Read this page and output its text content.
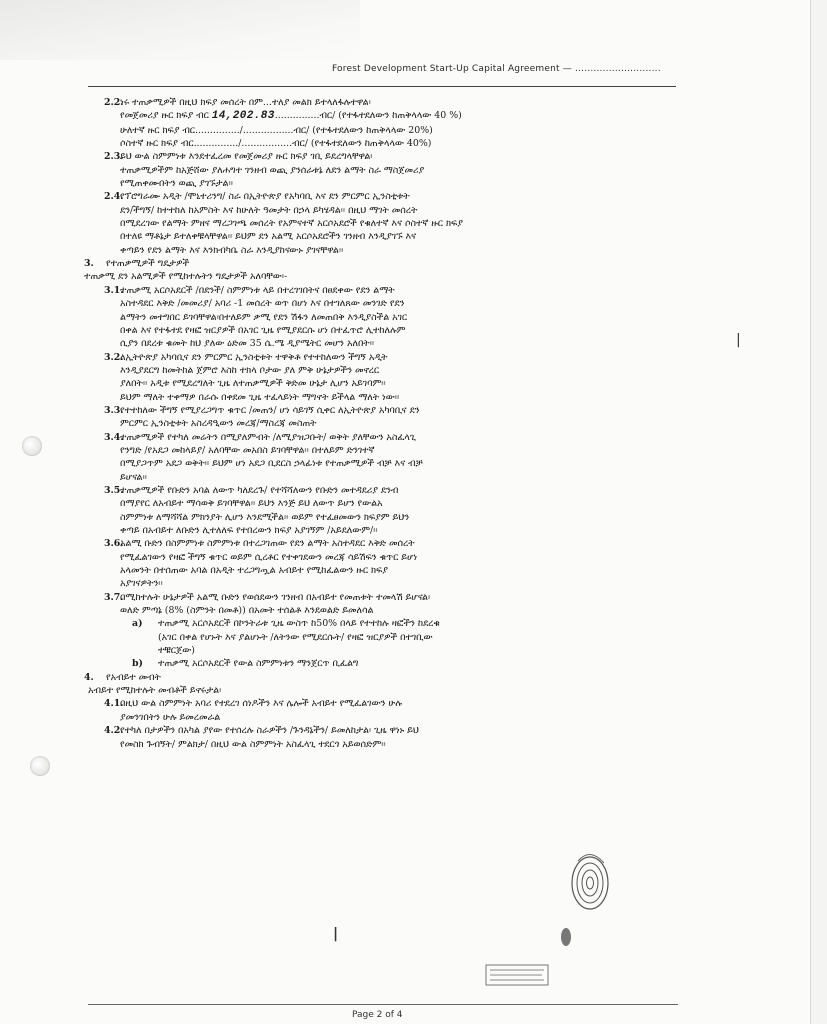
Forest Development Start-Up Capital Agreement — ............................
2.2.
ነሩ ተጠቃሚዎች በዚህ ክፍያ መሰረት በም...ተለያ መልክ ይተላለፋሉተዋል፡
የመጀመሪያ ዙር ክፍያ ብር 14,202.83...............ብር/ (የተፋተደለውን ከጠቅላላው 40 %)
ሁለተኛ ዙር ክፍያ ብር.............../.................ብር/ (የተፋተደለውን ከጠቅላላው 20%)
ሶስተኛ ዙር ክፍያ ብር.............../.................ብር/ (የተፋተደለውን ከጠቅላላው 40%)
2.3.
ይህ ውል ስምምነቱ እንደተፈረመ የመጀመሪያ ዙር ክፍያ ገቢ ይደረግላቸዋል፡
ተጠቃሚዎችም ከአጅሸው ያለሐግተ ገንዘብ ወጪ ያንሰራቱኔ ለደን ልማት ስራ ማስጀመሪያ
የሚጠቀሙበትን ወጪ ያገኙታል፡፡
2.4.
የፕሮግራሙ አዲት /ሞኒተሪንግ/ ስራ በኢትዮጵያ የአካባቢ እና ደን ምርምር ኢንስቲቱት
ደን/ችግኝ/ ከተተከለ ከአምስት እና ከሁለት ዓመታት በኃላ ይካሄዳል፡፡ በዚህ ማገት መሰረት
በሚደረገው የልማት ምዘና ማረጋገጫ መሰረት የአምናተኛ አርሶአደሮች የቁለተኛ እና ሶስተኛ ዙር ክፍያ
በተለዩ ማቶኔታ ይተለቀቹላቸዋል፡፡ ይህም ደን አልሚ አርሶአደሮችን ገንዘብ እንዲያገኙ እና
ቀጣይን የደን ልማት እና እንክብካቤ ስራ እንዲያከናውኑ ያገናቸዋል፡፡
3.	የተጠቃሚዎች ግዴታዎች
ተጠቃሚ ደን አልሚዎች የሚከተሉትን ግዴታዎች አለባቸው፡-
3.1.
ተጠቃሚ አርሶአደርች /በደንች/ ስምምነቱ ላይ በተረገገበትና በፀደቀው የደን ልማት
አስተዳደር እቅድ /መመሪያ/ አባሪ -1 መሰረት ወጥ በሆነ እና በተገለጸው መንገድ የደን
ልማትን መተግበር ይገባቸዋል፡በተለይም ቃሚ የደን ሽፋን ለመጠበቅ እንዲያስችል አገር
በቀል እና የተፋተደ የዛፎ ዝርያዎች በአገር ጊዜ የሚያደርሱ ሆነ በተፈጥሮ ሊተከለሉም
ሲያን በደረቱ ቁመት ከህ ያለው ዕድመ 35 ሴ.ሜ ዲያሜትር መሆን አለበት፡፡
3.2.
ለኢትዮጵያ አካባቢና ደን ምርምር ኢንስቲቱት ተዋቅቶ የተተከለውን ችግኝ አዲት
እንዲያደርግ ከመትከል ጀምሮ እስከ ተክላ ቦታው ያለ ምቅ ሁኔታዎችን መኖረር
ያለበት፡፡ አዲቱ የሚደረግለት ጊዜ ለተጠቃሚዎች ቅድመ ሁኔታ ሊሆን አይገባም፡፡
ይህም ማለት ተቀማዎ በራሱ በቀደመ ጊዜ ተፈላይነት ማግኖት ይችላል ማለት ነው፡፡
3.3.
የተተከለው ችግኝ የሚያረጋግጥ ቁጥር /መጠን/ ሆነ ሳይገኝ ሲቀር ለኢትዮጵያ አካባቢና ደን
ምርምር ኢንስቲቱት አስረዳዒውን መረጃ/ማስረጃ መስጠት
3.4.
ተጠቃሚዎች የተካለ መሬትን በሚያለምብት /ለሚያዝጋቡት/ ወቅት ያለቸውን አስፈላጊ
የንግድ /የአደጋ መከላይያ/ አለባቸው መአበስ ይገባቸዋል፡፡ በተለይም ድንገተኛ
በሚያጋጥም አደጋ ወቅት፡፡ ይህም ሆነ አደጋ ቢደርስ ኃላፊነቱ የተጠቃሚዎች ብቻ እና ብቻ
ይሆናል፡፡
3.5.
ተጠቃሚዎች የቡድን አባል ለውጥ ካለደረጉ/ የተሻሻለውን የቡድን መተዳደሪያ ደንብ
በማያየር ለአብይተ ማሳወቅ ይገባቸዋል፡፡ ይህን እንጅ ይህ ለውጥ ይሆን የውልአ
ስምምነቱ ለማሻሻል ምክንያት ሊሆን እንደሚችል፡፡ ወይም የተፈፀመውን ክፍያም ይህን
ቀጣይ በአብይተ ለቡድን ሊተለለፍ የተበረውን ክፍያ አያገኝም /አይደለውም/፡፡
3.6.
አልሚ ቡድን በስምምነቱ ስምምነቱ በተረጋገጠው የደን ልማት አስተዳደር እቅድ መሰረት
የሚፈልገውን የዛፎ ችግኝ ቁጥር ወይም ሲረቶር የተቀገደውን መረጃ ሳይሽፍን ቁጥር ይሆነ
አላመንት በተሰጠው አባል በአዲት ተረጋግጧል አብይተ የሚከፈልውን ዙር ክፍያ
አያገናዎትን፡፡
3.7.
በሚከተሉት ሁኔታዎች አልሚ ቡድን የወሰደውን ገንዘብ በአብይተ የመጠቱት ተመላሽ ይሆናል፡
ወለድ ምጣኔ (8% (ስምንት በመቶ)) በአመት ተሰልቶ እንደወልድ ይመለሳል
a)	ተጠቃሚ አርሶአደርች በኮንትራቱ ጊዜ ውስጥ ከ50% በላይ የተተከሉ ዛፎችን ከደረቁ
(አገር በቀል የሆኑት እና ያልሆኑት /ለትንው የሚደርሱት/ የዛፎ ዝርያዎች በተገቢው
ተቹርጀው)
b)	ተጠቃሚ አርሶአደርች የውል ስምምነቱን ማንጀርጥ ቢፈልግ
4.	የአብይተ መብት
አብይተ የሚከተሉት መብቶች ይኖሩታል፡
4.1.
በዚህ ውል ስምምነት አባሪ የተደረገ ሰነዶችን እና ሌሎች አብይተ የሚፈልገውን ሁሉ
ያመንገበትን ሁሉ ይመረመራል
4.2.
የተካለ በታዎችን በአካል ያየው የተሰረሉ ስራዎችን /ጉንዳኔችን/ ይመለከታል፡ ጊዜ ዋነኑ ይህ
የመስክ ጉብኝት/ ምልክታ/ በዚህ ውል ስምምነት አስፈላጊ ተደርጎ አይወሰድም፡፡
|
|
Page 2 of 4
